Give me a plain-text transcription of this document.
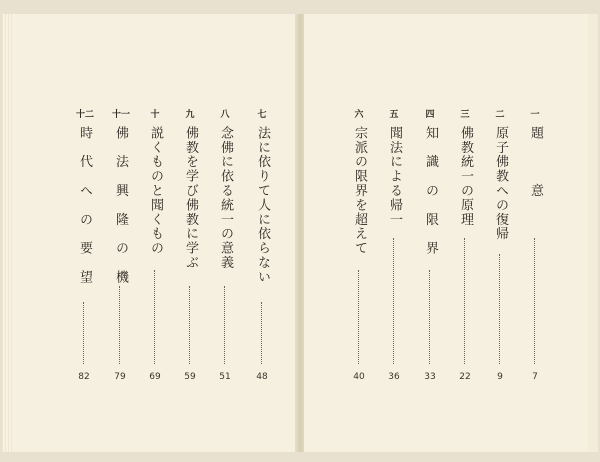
七
法に依りて人に依らない
48
八
念佛に依る統一の意義
51
九
佛教を学び佛教に学ぶ
59
十
説くものと聞くもの
69
十一
佛　法　興　隆　の　機
79
十二
時　代　へ　の　要　望
82
一
題　　　意
7
二
原子佛教への復帰
9
三
佛教統一の原理
22
四
知　識　の　限　界
33
五
聞法による帰一
36
六
宗派の限界を超えて
40
